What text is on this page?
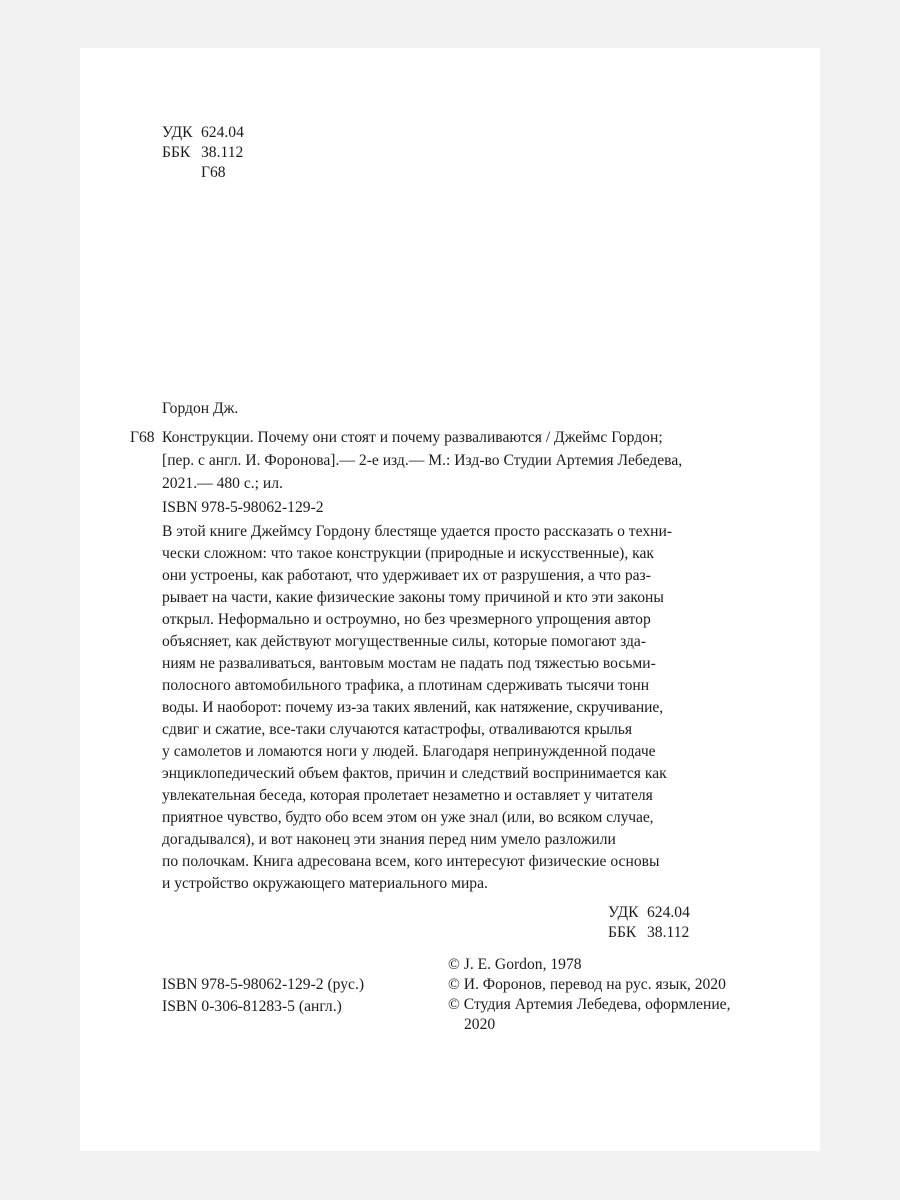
УДК 624.04
ББК 38.112
Г68
Гордон Дж.
Г68 Конструкции. Почему они стоят и почему разваливаются / Джеймс Гордон;
[пер. с англ. И. Форонова].— 2-е изд.— М.: Изд-во Студии Артемия Лебедева,
2021.— 480 с.; ил.
ISBN 978-5-98062-129-2
В этой книге Джеймсу Гордону блестяще удается просто рассказать о техни-
чески сложном: что такое конструкции (природные и искусственные), как
они устроены, как работают, что удерживает их от разрушения, а что раз-
рывает на части, какие физические законы тому причиной и кто эти законы
открыл. Неформально и остроумно, но без чрезмерного упрощения автор
объясняет, как действуют могущественные силы, которые помогают зда-
ниям не разваливаться, вантовым мостам не падать под тяжестью восьми-
полосного автомобильного трафика, а плотинам сдерживать тысячи тонн
воды. И наоборот: почему из-за таких явлений, как натяжение, скручивание,
сдвиг и сжатие, все-таки случаются катастрофы, отваливаются крылья
у самолетов и ломаются ноги у людей. Благодаря непринужденной подаче
энциклопедический объем фактов, причин и следствий воспринимается как
увлекательная беседа, которая пролетает незаметно и оставляет у читателя
приятное чувство, будто обо всем этом он уже знал (или, во всяком случае,
догадывался), и вот наконец эти знания перед ним умело разложили
по полочкам. Книга адресована всем, кого интересуют физические основы
и устройство окружающего материального мира.
УДК 624.04
ББК 38.112
ISBN 978-5-98062-129-2 (рус.)
ISBN 0-306-81283-5 (англ.)
© J. E. Gordon, 1978
© И. Форонов, перевод на рус. язык, 2020
© Студия Артемия Лебедева, оформление,
2020
